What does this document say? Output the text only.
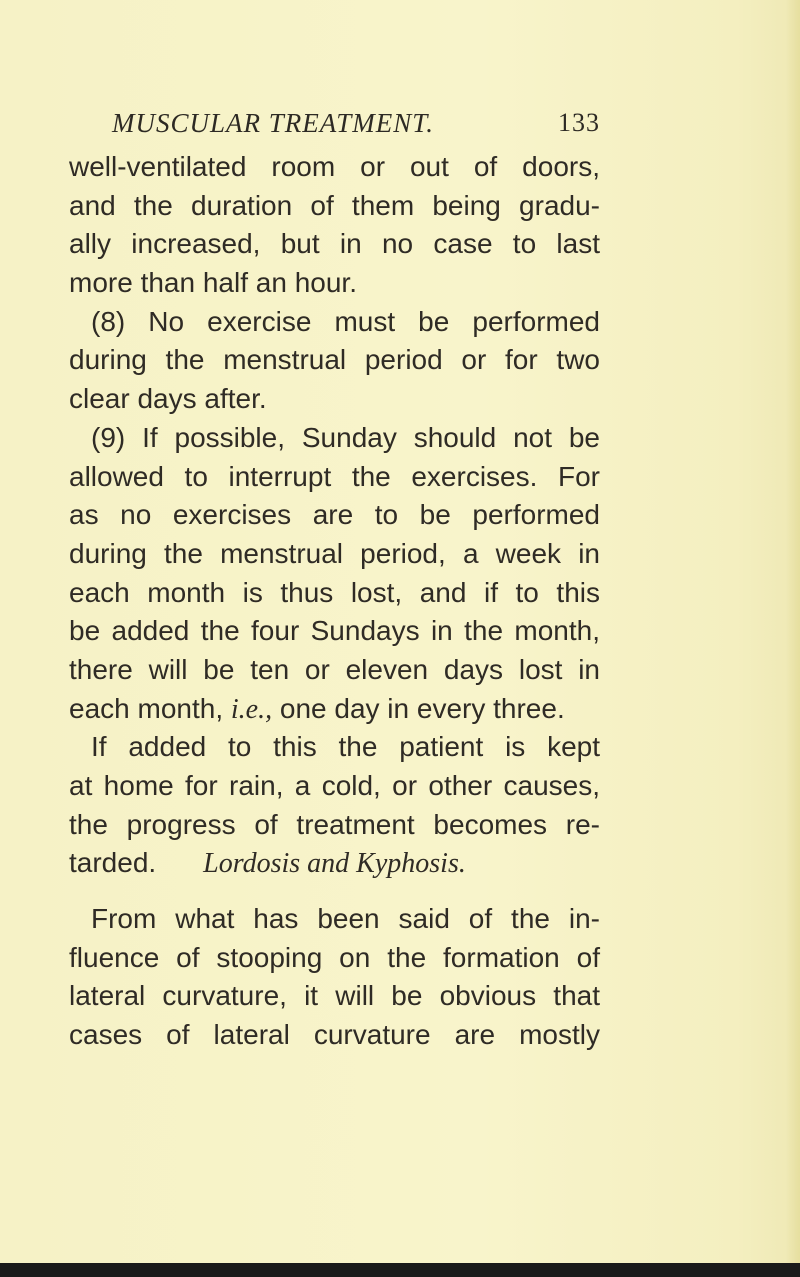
MUSCULAR TREATMENT.	133
well-ventilated room or out of doors,
and the duration of them being gradu-
ally increased, but in no case to last
more than half an hour.
(8) No exercise must be performed
during the menstrual period or for two
clear days after.
(9) If possible, Sunday should not be
allowed to interrupt the exercises. For
as no exercises are to be performed
during the menstrual period, a week in
each month is thus lost, and if to this
be added the four Sundays in the month,
there will be ten or eleven days lost in
each month, i.e., one day in every three.
If added to this the patient is kept
at home for rain, a cold, or other causes,
the progress of treatment becomes re-
tarded.	Lordosis and Kyphosis.
From what has been said of the in-
fluence of stooping on the formation of
lateral curvature, it will be obvious that
cases of lateral curvature are mostly
